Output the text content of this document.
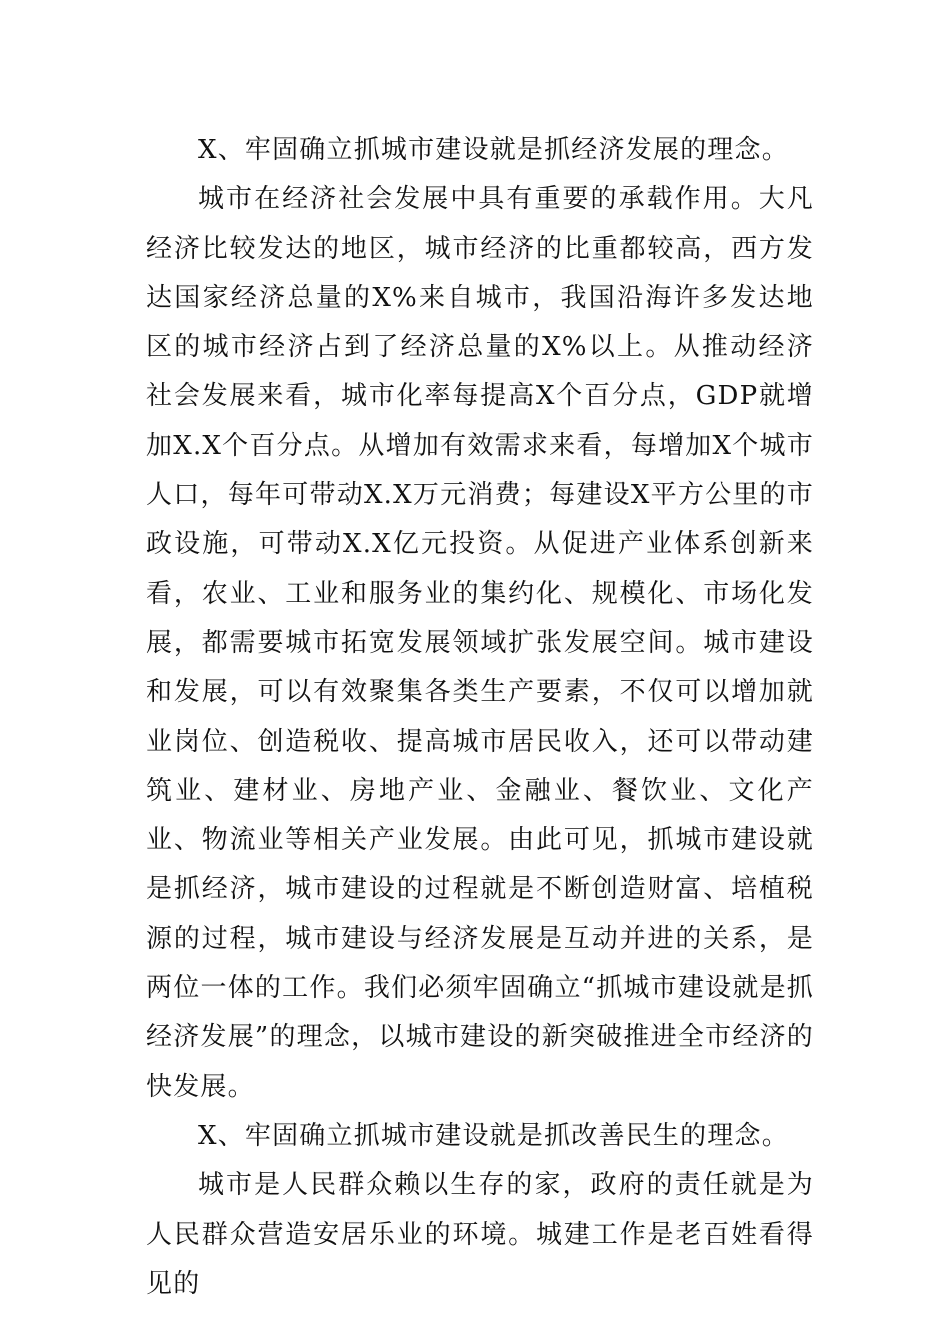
X、牢固确立抓城市建设就是抓经济发展的理念。

城市在经济社会发展中具有重要的承载作用。大凡经济比较发达的地区，城市经济的比重都较高，西方发达国家经济总量的X%来自城市，我国沿海许多发达地区的城市经济占到了经济总量的X%以上。从推动经济社会发展来看，城市化率每提高X个百分点，GDP就增加X.X个百分点。从增加有效需求来看，每增加X个城市人口，每年可带动X.X万元消费；每建设X平方公里的市政设施，可带动X.X亿元投资。从促进产业体系创新来看，农业、工业和服务业的集约化、规模化、市场化发展，都需要城市拓宽发展领域扩张发展空间。城市建设和发展，可以有效聚集各类生产要素，不仅可以增加就业岗位、创造税收、提高城市居民收入，还可以带动建筑业、建材业、房地产业、金融业、餐饮业、文化产业、物流业等相关产业发展。由此可见，抓城市建设就是抓经济，城市建设的过程就是不断创造财富、培植税源的过程，城市建设与经济发展是互动并进的关系，是两位一体的工作。我们必须牢固确立“抓城市建设就是抓经济发展”的理念，以城市建设的新突破推进全市经济的快发展。

X、牢固确立抓城市建设就是抓改善民生的理念。

城市是人民群众赖以生存的家，政府的责任就是为人民群众营造安居乐业的环境。城建工作是老百姓看得见的
